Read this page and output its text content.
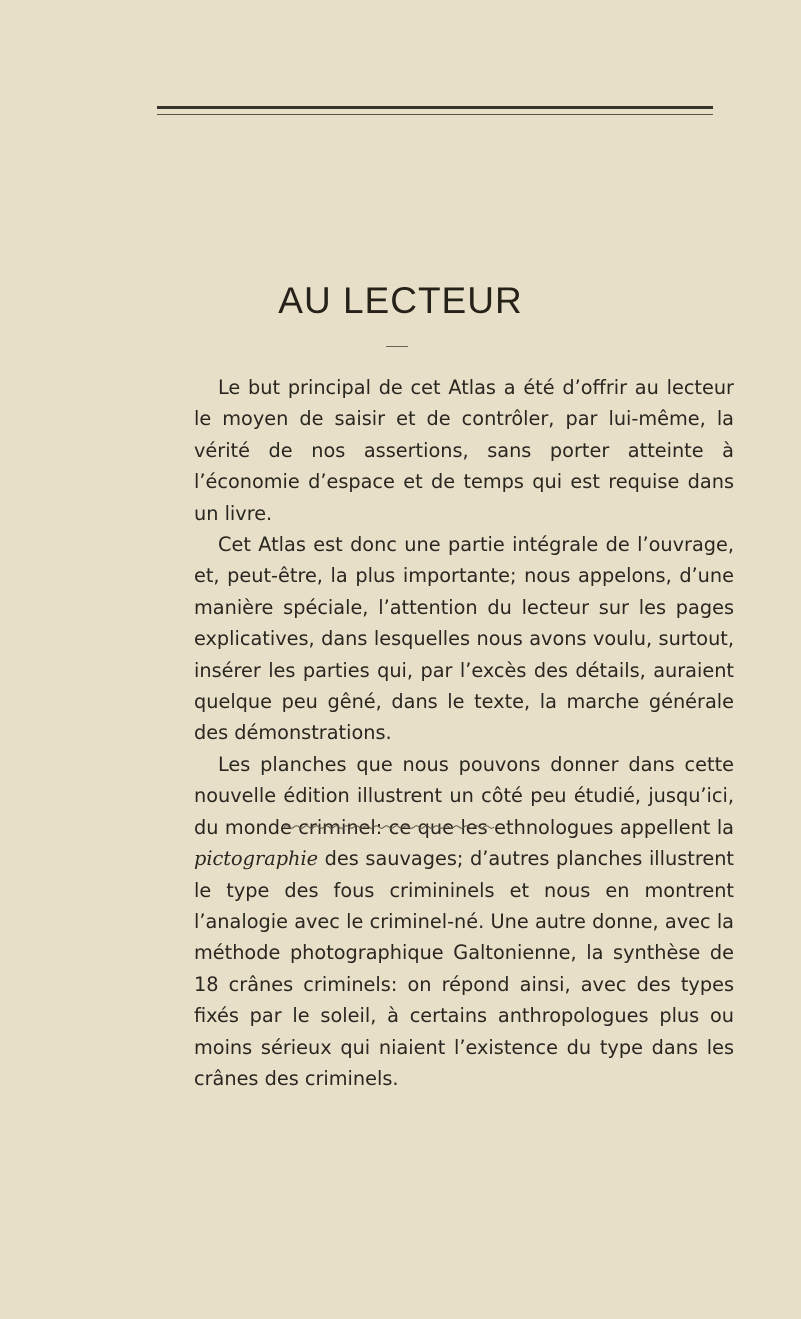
AU LECTEUR

Le but principal de cet Atlas a été d’offrir au lecteur le moyen de saisir et de contrôler, par lui-même, la vérité de nos assertions, sans porter atteinte à l’économie d’espace et de temps qui est requise dans un livre.

Cet Atlas est donc une partie intégrale de l’ouvrage, et, peut-être, la plus importante; nous appelons, d’une manière spéciale, l’attention du lecteur sur les pages explicatives, dans lesquelles nous avons voulu, surtout, insérer les parties qui, par l’excès des détails, auraient quelque peu gêné, dans le texte, la marche générale des démonstrations.

Les planches que nous pouvons donner dans cette nouvelle édition illustrent un côté peu étudié, jusqu’ici, du monde criminel: ce que les ethnologues appellent la pictographie des sauvages; d’autres planches illustrent le type des fous crimininels et nous en montrent l’analogie avec le criminel-né. Une autre donne, avec la méthode photographique Galtonienne, la synthèse de 18 crânes criminels: on répond ainsi, avec des types fixés par le soleil, à certains anthropologues plus ou moins sérieux qui niaient l’existence du type dans les crânes des criminels.
